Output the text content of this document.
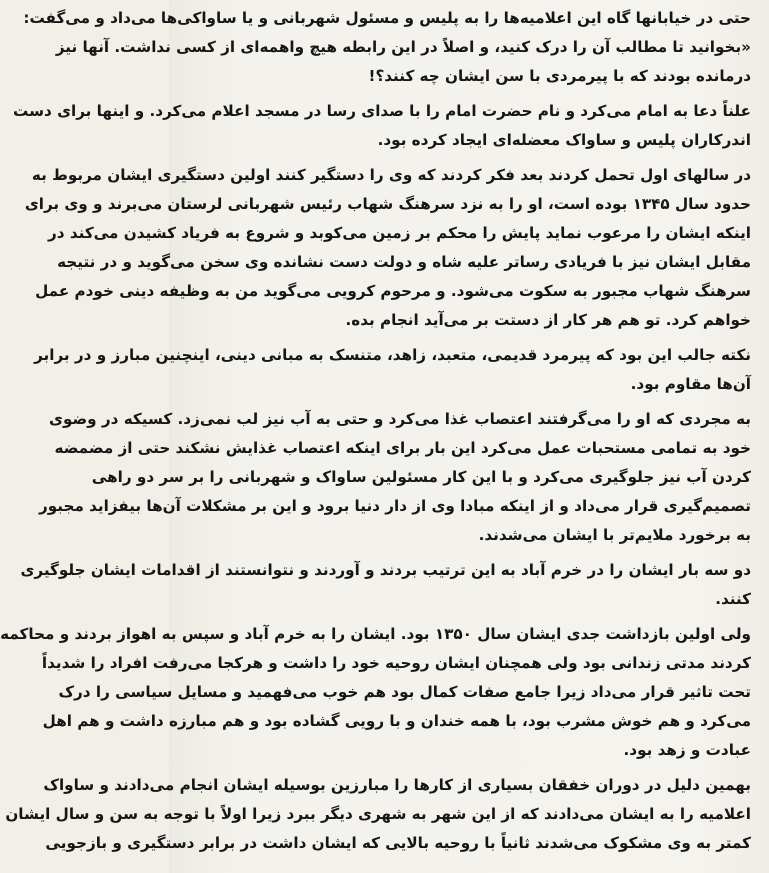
حتی در خیابانها گاه این اعلامیه‌ها را به پلیس و مسئول شهربانی و یا ساواکی‌ها می‌داد و می‌گفت:
«بخوانید تا مطالب آن را درک کنید، و اصلاً در این رابطه هیچ واهمه‌ای از کسی نداشت. آنها نیز
درمانده بودند که با پیرمردی با سن ایشان چه کنند؟!

علناً دعا به امام می‌کرد و نام حضرت امام را با صدای رسا در مسجد اعلام می‌کرد. و اینها برای دست
اندرکاران پلیس و ساواک معضله‌ای ایجاد کرده بود.

در سالهای اول تحمل کردند بعد فکر کردند که وی را دستگیر کنند اولین دستگیری ایشان مربوط به
حدود سال ۱۳۴۵ بوده است، او را به نزد سرهنگ شهاب رئیس شهربانی لرستان می‌برند و وی برای
اینکه ایشان را مرعوب نماید پایش را محکم بر زمین می‌کوبد و شروع به فریاد کشیدن می‌کند در
مقابل ایشان نیز با فریادی رساتر علیه شاه و دولت دست نشانده وی سخن می‌گوید و در نتیجه
سرهنگ شهاب مجبور به سکوت می‌شود. و مرحوم کرویی می‌گوید من به وظیفه دینی خودم عمل
خواهم کرد. تو هم هر کار از دستت بر می‌آید انجام بده.

نکته جالب این بود که پیرمرد قدیمی، متعبد، زاهد، متنسک به مبانی دینی، اینچنین مبارز و در برابر
آن‌ها مقاوم بود.

به مجردی که او را می‌گرفتند اعتصاب غذا می‌کرد و حتی به آب نیز لب نمی‌زد. کسیکه در وضوی
خود به تمامی مستحبات عمل می‌کرد این بار برای اینکه اعتصاب غذایش نشکند حتی از مضمضه
کردن آب نیز جلوگیری می‌کرد و با این کار مسئولین ساواک و شهربانی را بر سر دو راهی
تصمیم‌گیری قرار می‌داد و از اینکه مبادا وی از دار دنیا برود و این بر مشکلات آن‌ها بیفزاید مجبور
به برخورد ملایم‌تر با ایشان می‌شدند.

دو سه بار ایشان را در خرم آباد به این ترتیب بردند و آوردند و نتوانستند از اقدامات ایشان جلوگیری
کنند.

ولی اولین بازداشت جدی ایشان سال ۱۳۵۰ بود. ایشان را به خرم آباد و سپس به اهواز بردند و محاکمه
کردند مدتی زندانی بود ولی همچنان ایشان روحیه خود را داشت و هرکجا می‌رفت افراد را شدیداً
تحت تاثیر قرار می‌داد زیرا جامع صفات کمال بود هم خوب می‌فهمید و مسایل سیاسی را درک
می‌کرد و هم خوش مشرب بود، با همه خندان و با رویی گشاده بود و هم مبارزه داشت و هم اهل
عبادت و زهد بود.

بهمین دلیل در دوران خفقان بسیاری از کارها را مبارزین بوسیله ایشان انجام می‌دادند و ساواک
اعلامیه را به ایشان می‌دادند که از این شهر به شهری دیگر ببرد زیرا اولاً با توجه به سن و سال ایشان
کمتر به وی مشکوک می‌شدند ثانیاً با روحیه بالایی که ایشان داشت در برابر دستگیری و بازجویی
